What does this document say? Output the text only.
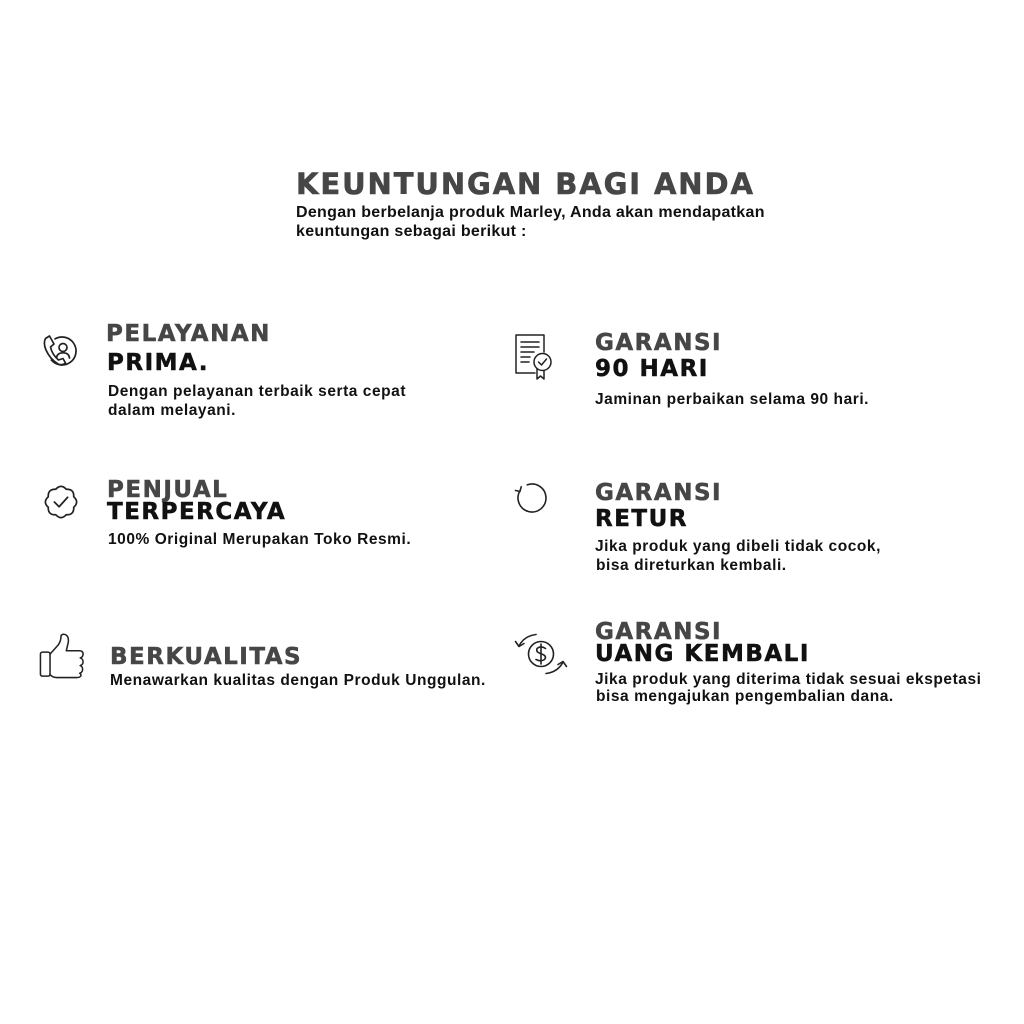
KEUNTUNGAN BAGI ANDA
Dengan berbelanja produk Marley, Anda akan mendapatkan
keuntungan sebagai berikut :
PELAYANAN
PRIMA.
Dengan pelayanan terbaik serta cepat
dalam melayani.
PENJUAL
TERPERCAYA
100% Original Merupakan Toko Resmi.
BERKUALITAS
Menawarkan kualitas dengan Produk Unggulan.
GARANSI
90 HARI
Jaminan perbaikan selama 90 hari.
GARANSI
RETUR
Jika produk yang dibeli tidak cocok,
bisa direturkan kembali.
GARANSI
UANG KEMBALI
Jika produk yang diterima tidak sesuai ekspetasi
bisa mengajukan pengembalian dana.
